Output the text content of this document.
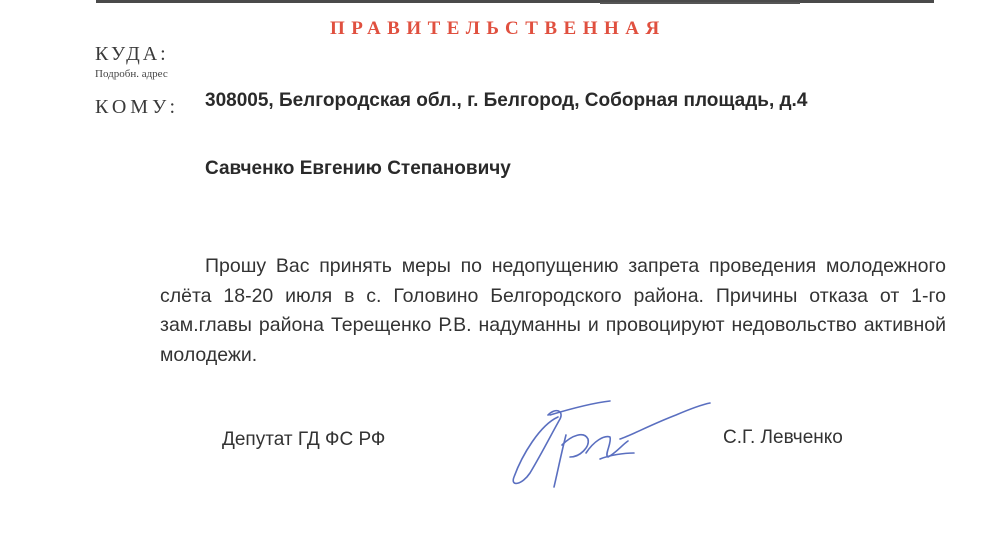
ПРАВИТЕЛЬСТВЕННАЯ
КУДА:
Подробн. адрес
КОМУ: 308005, Белгородская обл., г. Белгород, Соборная площадь, д.4
Савченко Евгению Степановичу

Прошу Вас принять меры по недопущению запрета проведения молодежного слёта 18-20 июля в с. Головино Белгородского района. Причины отказа от 1-го зам.главы района Терещенко Р.В. надуманны и провоцируют недовольство активной молодежи.

Депутат ГД ФС РФ	С.Г. Левченко
